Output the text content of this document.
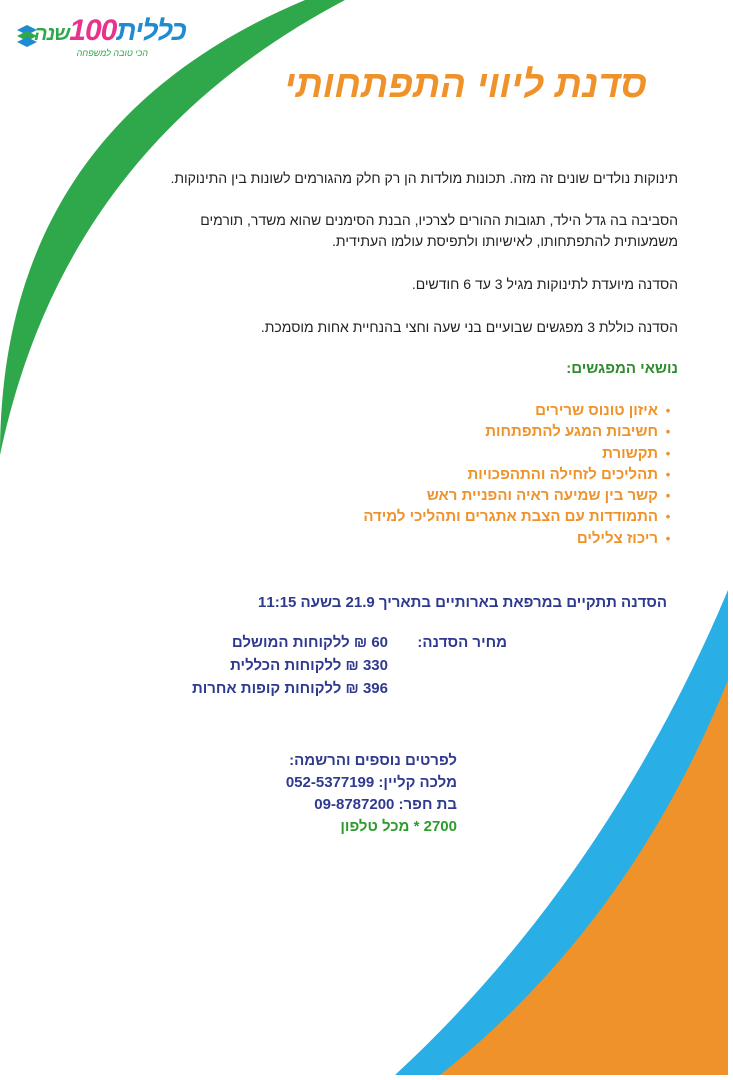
כללית100שנה
הכי טובה למשפחה
סדנת ליווי התפתחותי

תינוקות נולדים שונים זה מזה. תכונות מולדות הן רק חלק מהגורמים לשונות בין התינוקות.

הסביבה בה גדל הילד, תגובות ההורים לצרכיו, הבנת הסימנים שהוא משדר, תורמים משמעותית להתפתחותו, לאישיותו ולתפיסת עולמו העתידית.

הסדנה מיועדת לתינוקות מגיל 3 עד 6 חודשים.

הסדנה כוללת 3 מפגשים שבועיים בני שעה וחצי בהנחיית אחות מוסמכת.

נושאי המפגשים:
• איזון טונוס שרירים
• חשיבות המגע להתפתחות
• תקשורת
• תהליכים לזחילה והתהפכויות
• קשר בין שמיעה ראיה והפניית ראש
• התמודדות עם הצבת אתגרים ותהליכי למידה
• ריכוז צלילים
הסדנה תתקיים במרפאת בארותיים בתאריך 21.9 בשעה 11:15
מחיר הסדנה:
60 ₪ ללקוחות המושלם
330 ₪ ללקוחות הכללית
396 ₪ ללקוחות קופות אחרות
לפרטים נוספים והרשמה:
מלכה קליין: 052-5377199
בת חפר: 09-8787200
2700 * מכל טלפון
